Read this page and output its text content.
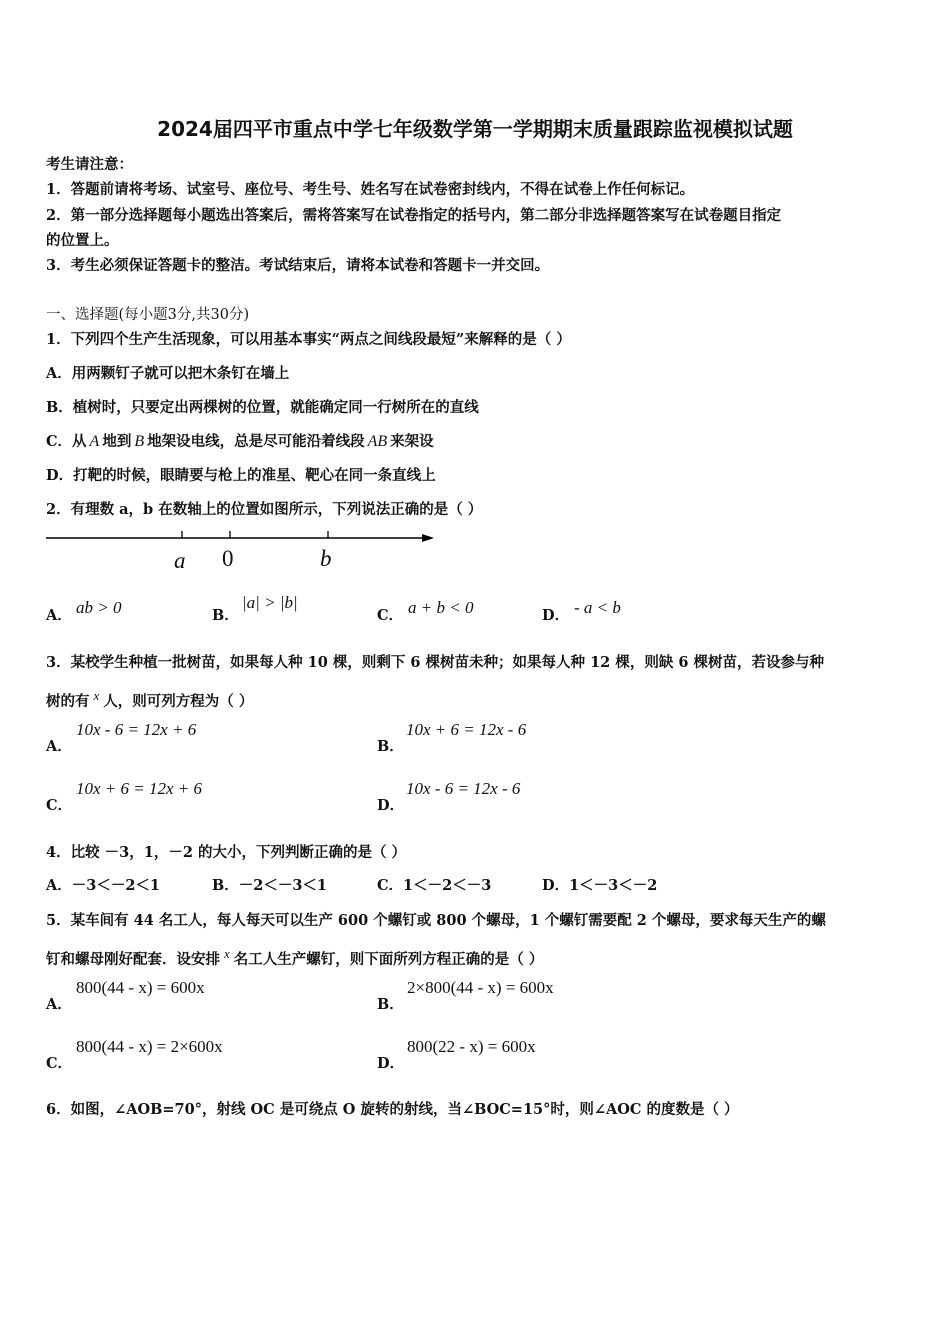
2024届四平市重点中学七年级数学第一学期期末质量跟踪监视模拟试题
考生请注意：
1．答题前请将考场、试室号、座位号、考生号、姓名写在试卷密封线内，不得在试卷上作任何标记。
2．第一部分选择题每小题选出答案后，需将答案写在试卷指定的括号内，第二部分非选择题答案写在试卷题目指定
的位置上。
3．考生必须保证答题卡的整洁。考试结束后，请将本试卷和答题卡一并交回。
一、选择题(每小题3分,共30分)
1．下列四个生产生活现象，可以用基本事实“两点之间线段最短”来解释的是（ ）
A．用两颗钉子就可以把木条钉在墙上
B．植树时，只要定出两棵树的位置，就能确定同一行树所在的直线
C．从 A 地到 B 地架设电线，总是尽可能沿着线段 AB 来架设
D．打靶的时候，眼睛要与枪上的准星、靶心在同一条直线上
2．有理数 a，b 在数轴上的位置如图所示，下列说法正确的是（ ）
a 0	b
A． ab > 0	B．
|a| > |b|
C． a + b < 0	D． - a < b
3．某校学生种植一批树苗，如果每人种 10 棵，则剩下 6 棵树苗未种；如果每人种 12 棵，则缺 6 棵树苗，若设参与种
树的有 x 人，则可列方程为（ ）
A．
10x - 6 = 12x + 6
B．
10x + 6 = 12x - 6
C．
10x + 6 = 12x + 6
D．
10x - 6 = 12x - 6
4．比较 －3，1，－2 的大小，下列判断正确的是（ ）
A．－3＜－2＜1	B．－2＜－3＜1	C．1＜－2＜－3	D．1＜－3＜－2
5．某车间有 44 名工人，每人每天可以生产 600 个螺钉或 800 个螺母，1 个螺钉需要配 2 个螺母，要求每天生产的螺
钉和螺母刚好配套．设安排 x 名工人生产螺钉，则下面所列方程正确的是（ ）
A．
800(44 - x) = 600x
B．
2×800(44 - x) = 600x
C．
800(44 - x) = 2×600x
D．
800(22 - x) = 600x
6．如图，∠AOB=70°，射线 OC 是可绕点 O 旋转的射线，当∠BOC=15°时，则∠AOC 的度数是（ ）
